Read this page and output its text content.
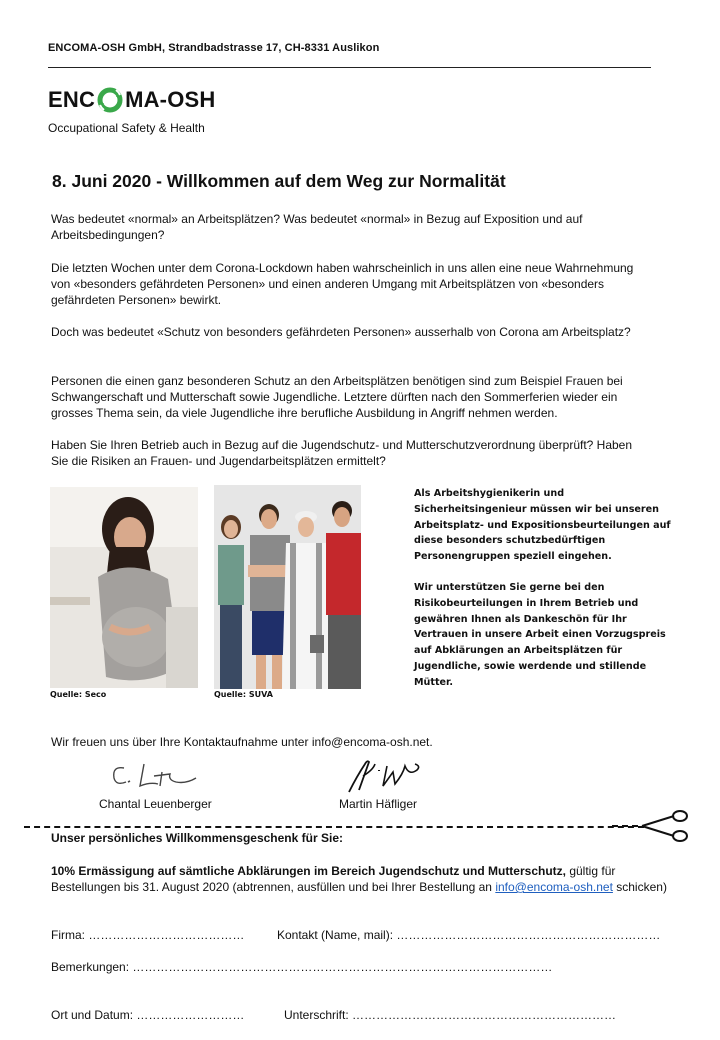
ENCOMA-OSH GmbH, Strandbadstrasse 17, CH-8331 Auslikon
ENC MA-OSH
Occupational Safety & Health
8. Juni 2020 - Willkommen auf dem Weg zur Normalität
Was bedeutet «normal» an Arbeitsplätzen? Was bedeutet «normal» in Bezug auf Exposition und auf Arbeitsbedingungen?
Die letzten Wochen unter dem Corona-Lockdown haben wahrscheinlich in uns allen eine neue Wahrnehmung von «besonders gefährdeten Personen» und einen anderen Umgang mit Arbeitsplätzen von «besonders gefährdeten Personen» bewirkt.
Doch was bedeutet «Schutz von besonders gefährdeten Personen» ausserhalb von Corona am Arbeitsplatz?
Personen die einen ganz besonderen Schutz an den Arbeitsplätzen benötigen sind zum Beispiel Frauen bei Schwangerschaft und Mutterschaft sowie Jugendliche. Letztere dürften nach den Sommerferien wieder ein grosses Thema sein, da viele Jugendliche ihre berufliche Ausbildung in Angriff nehmen werden.
Haben Sie Ihren Betrieb auch in Bezug auf die Jugendschutz- und Mutterschutzverordnung überprüft? Haben Sie die Risiken an Frauen- und Jugendarbeitsplätzen ermittelt?
Quelle: Seco	Quelle: SUVA

Als Arbeitshygienikerin und Sicherheitsingenieur müssen wir bei unseren Arbeitsplatz- und Expositionsbeurteilungen auf diese besonders schutzbedürftigen Personengruppen speziell eingehen.

Wir unterstützen Sie gerne bei den Risikobeurteilungen in Ihrem Betrieb und gewähren Ihnen als Dankeschön für Ihr Vertrauen in unsere Arbeit einen Vorzugspreis auf Abklärungen an Arbeitsplätzen für Jugendliche, sowie werdende und stillende Mütter.

Wir freuen uns über Ihre Kontaktaufnahme unter info@encoma-osh.net.
Chantal Leuenberger	Martin Häfliger
Unser persönliches Willkommensgeschenk für Sie:
10% Ermässigung auf sämtliche Abklärungen im Bereich Jugendschutz und Mutterschutz, gültig für Bestellungen bis 31. August 2020 (abtrennen, ausfüllen und bei Ihrer Bestellung an info@encoma-osh.net schicken)
Firma: …………………………………	Kontakt (Name, mail): …………………………………………………………
Bemerkungen: ……………………………………………………………………………………………
Ort und Datum: ………………………	Unterschrift: …………………………………………………………
